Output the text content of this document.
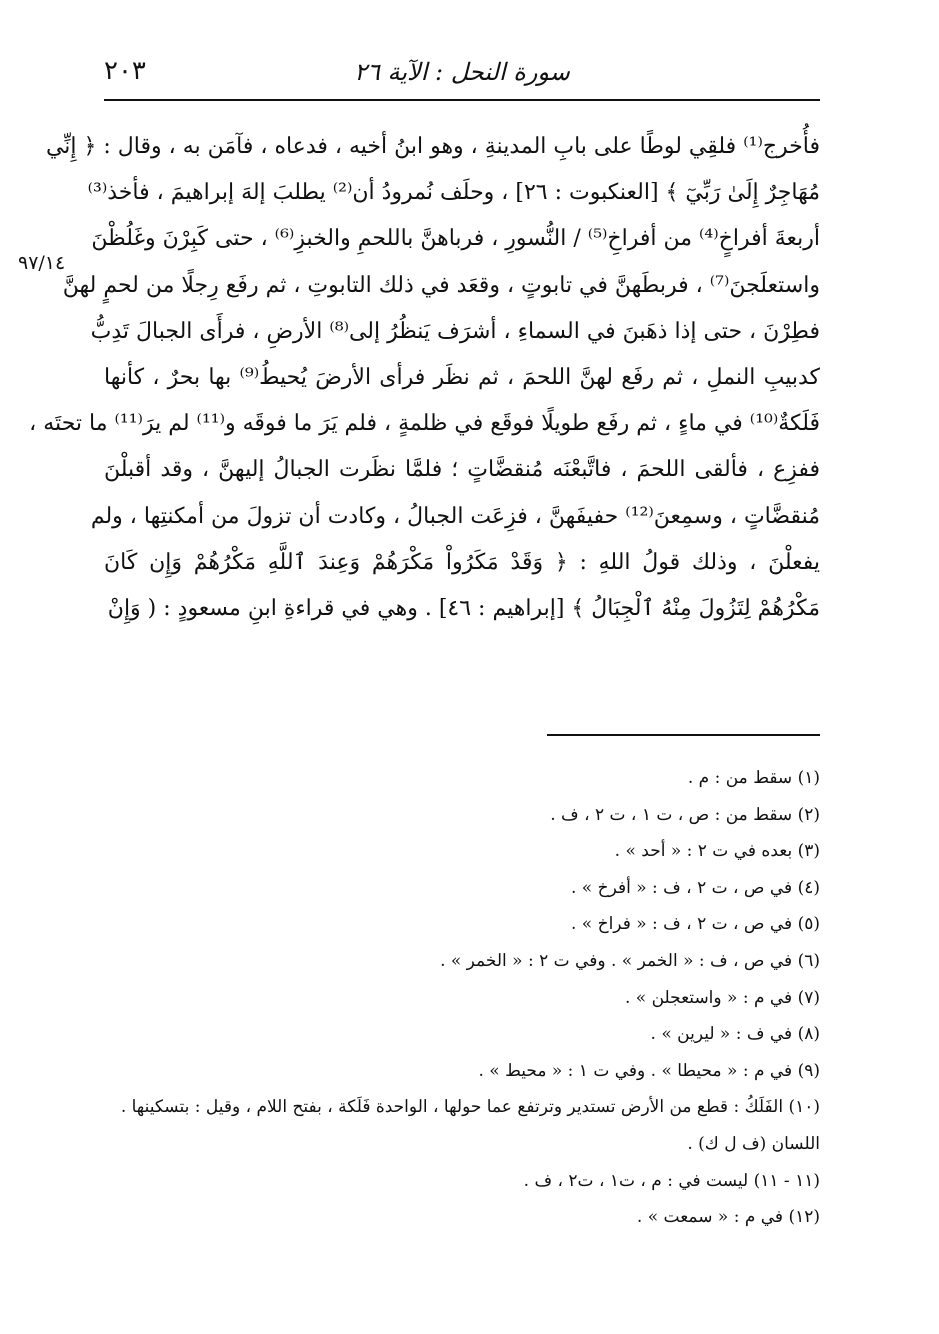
سورة النحل : الآية ٢٦
٢٠٣
٩٧/١٤
فأُخرج⁽¹⁾ فلقِي لوطًا على بابِ المدينةِ ، وهو ابنُ أخيه ، فدعاه ، فآمَن به ، وقال : ﴿ إِنِّي
مُهَاجِرٌ إِلَىٰ رَبِّيٓ ﴾ [العنكبوت : ٢٦] ، وحلَف نُمرودُ أن⁽²⁾ يطلبَ إلهَ إبراهيمَ ، فأخذ⁽³⁾
أربعةَ أفراخٍ⁽⁴⁾ من أفراخِ⁽⁵⁾ / النُّسورِ ، فرباهنَّ باللحمِ والخبزِ⁽⁶⁾ ، حتى كَبِرْنَ وغَلُظْنَ
واستعلَجنَ⁽⁷⁾ ، فربطَهنَّ في تابوتٍ ، وقعَد في ذلك التابوتِ ، ثم رفَع رِجلًا من لحمٍ لهنَّ
فطِرْنَ ، حتى إذا ذهَبنَ في السماءِ ، أشرَف يَنظُرُ إلى⁽⁸⁾ الأرضِ ، فرأَى الجبالَ تَدِبُّ
كدبيبِ النملِ ، ثم رفَع لهنَّ اللحمَ ، ثم نظَر فرأى الأرضَ يُحيطُ⁽⁹⁾ بها بحرٌ ، كأنها
فَلَكةٌ⁽¹⁰⁾ في ماءٍ ، ثم رفَع طويلًا فوقَع في ظلمةٍ ، فلم يَرَ ما فوقَه و⁽¹¹⁾ لم يرَ⁽¹¹⁾ ما تحتَه ،
ففزِع ، فألقى اللحمَ ، فاتَّبعْنَه مُنقضَّاتٍ ؛ فلمَّا نظَرت الجبالُ إليهنَّ ، وقد أقبلْنَ
مُنقضَّاتٍ ، وسمِعنَ⁽¹²⁾ حفيفَهنَّ ، فزِعَت الجبالُ ، وكادت أن تزولَ من أمكنتِها ، ولم
يفعلْنَ ، وذلك قولُ اللهِ : ﴿ وَقَدْ مَكَرُواْ مَكْرَهُمْ وَعِندَ ٱللَّهِ مَكْرُهُمْ وَإِن كَانَ
مَكْرُهُمْ لِتَزُولَ مِنْهُ ٱلْجِبَالُ ﴾ [إبراهيم : ٤٦] . وهي في قراءةِ ابنِ مسعودٍ : ( وَإِنْ
(١) سقط من : م .
(٢) سقط من : ص ، ت ١ ، ت ٢ ، ف .
(٣) بعده في ت ٢ : « أحد » .
(٤) في ص ، ت ٢ ، ف : « أفرخ » .
(٥) في ص ، ت ٢ ، ف : « فراخ » .
(٦) في ص ، ف : « الخمر » . وفي ت ٢ : « الخمر » .
(٧) في م : « واستعجلن » .
(٨) في ف : « ليرين » .
(٩) في م : « محيطا » . وفي ت ١ : « محيط » .
(١٠) الفَلَكُ : قطع من الأرض تستدير وترتفع عما حولها ، الواحدة فَلَكة ، بفتح اللام ، وقيل : بتسكينها .
اللسان (ف ل ك) .
(١١ - ١١) ليست في : م ، ت١ ، ت٢ ، ف .
(١٢) في م : « سمعت » .
